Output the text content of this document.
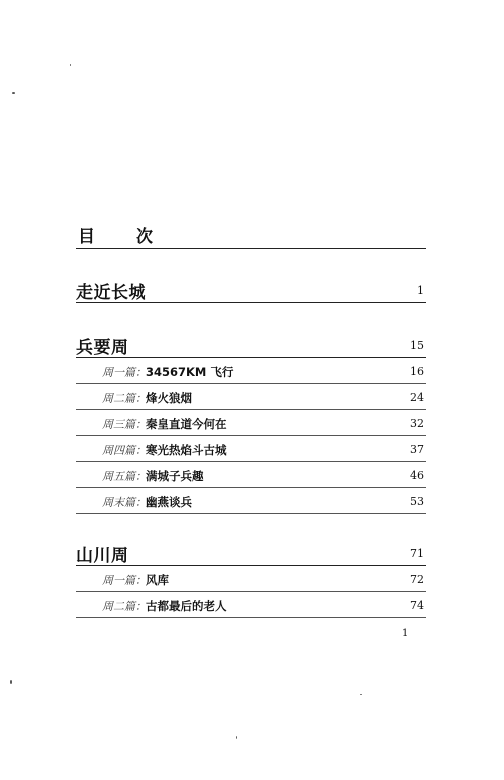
目 次
走近长城	1
兵要周	15
周一篇：34567KM 飞行	16
周二篇：烽火狼烟	24
周三篇：秦皇直道今何在	32
周四篇：寒光热焰斗古城	37
周五篇：满城子兵趣	46
周末篇：幽燕谈兵	53
山川周	71
周一篇：风库	72
周二篇：古都最后的老人	74
1
